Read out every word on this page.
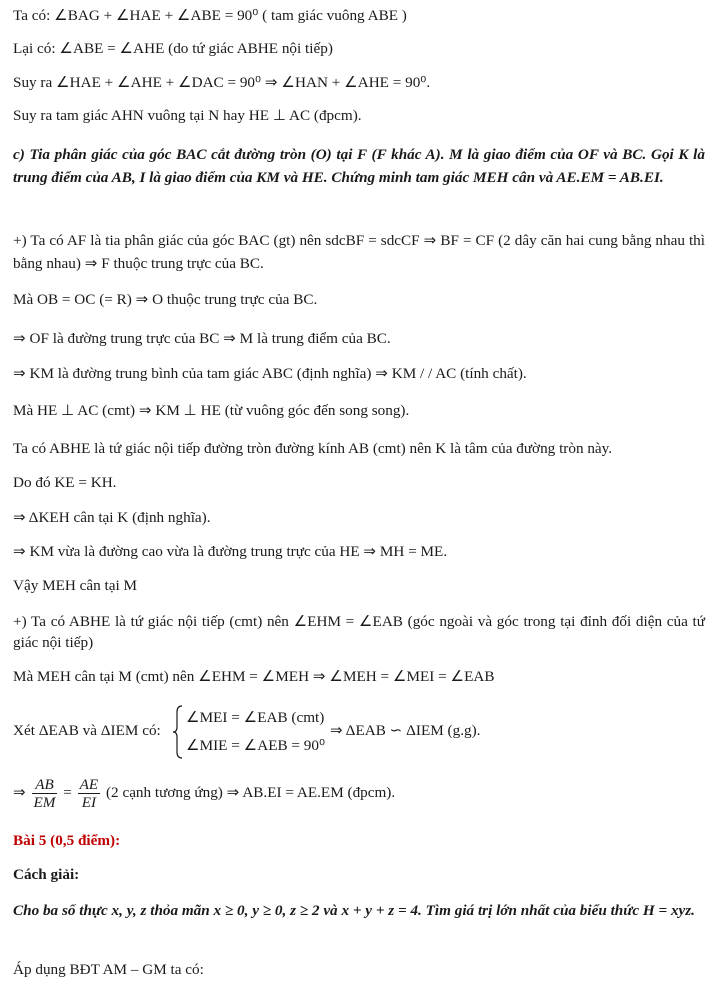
Ta có: ∠BAG + ∠HAE + ∠ABE = 90⁰ ( tam giác vuông ABE )
Lại có: ∠ABE = ∠AHE (do tứ giác ABHE nội tiếp)
Suy ra ∠HAE + ∠AHE + ∠DAC = 90⁰ ⇒ ∠HAN + ∠AHE = 90⁰.
Suy ra tam giác AHN vuông tại N hay HE ⊥ AC (đpcm).
c) Tia phân giác của góc BAC cắt đường tròn (O) tại F (F khác A). M là giao điểm của OF và BC. Gọi K là trung điểm của AB, I là giao điểm của KM và HE. Chứng minh tam giác MEH cân và AE.EM = AB.EI.
+) Ta có AF là tia phân giác của góc BAC (gt) nên sdcBF = sdcCF ⇒ BF = CF (2 dây căn hai cung bằng nhau thì bằng nhau) ⇒ F thuộc trung trực của BC.
Mà OB = OC (= R) ⇒ O thuộc trung trực của BC.
⇒ OF là đường trung trực của BC ⇒ M là trung điểm của BC.
⇒ KM là đường trung bình của tam giác ABC (định nghĩa) ⇒ KM / / AC (tính chất).
Mà HE ⊥ AC (cmt) ⇒ KM ⊥ HE (từ vuông góc đến song song).
Ta có ABHE là tứ giác nội tiếp đường tròn đường kính AB (cmt) nên K là tâm của đường tròn này.
Do đó KE = KH.
⇒ ΔKEH cân tại K (định nghĩa).
⇒ KM vừa là đường cao vừa là đường trung trực của HE ⇒ MH = ME.
Vậy MEH cân tại M
+) Ta có ABHE là tứ giác nội tiếp (cmt) nên ∠EHM = ∠EAB (góc ngoài và góc trong tại đỉnh đối diện của tứ giác nội tiếp)
Mà MEH cân tại M (cmt) nên ∠EHM = ∠MEH ⇒ ∠MEH = ∠MEI = ∠EAB
Xét ΔEAB và ΔIEM có:
∠MEI = ∠EAB (cmt)
∠MIE = ∠AEB = 90⁰
⇒ ΔEAB ∽ ΔIEM (g.g).
⇒ $\frac{AB}{EM} = \frac{AE}{EI} (2$ cạnh tương ứng) ⇒ AB.EI = AE.EM (đpcm).
Bài 5 (0,5 điểm):
Cách giải:
Cho ba số thực x, y, z thỏa mãn x ≥ 0, y ≥ 0, z ≥ 2 và x + y + z = 4. Tìm giá trị lớn nhất của biểu thức H = xyz.
Áp dụng BĐT AM – GM ta có:
